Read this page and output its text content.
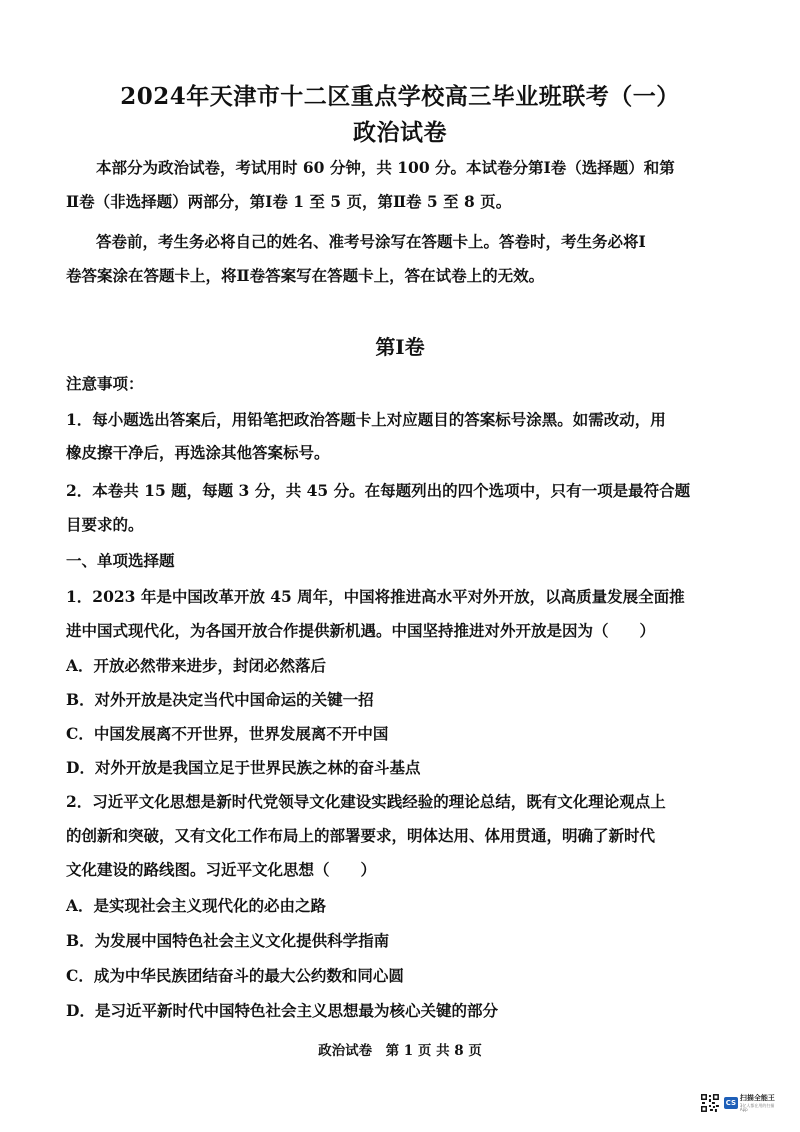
2024年天津市十二区重点学校高三毕业班联考（一）
政治试卷
本部分为政治试卷，考试用时 60 分钟，共 100 分。本试卷分第Ⅰ卷（选择题）和第
Ⅱ卷（非选择题）两部分，第Ⅰ卷 1 至 5 页，第Ⅱ卷 5 至 8 页。
答卷前，考生务必将自己的姓名、准考号涂写在答题卡上。答卷时，考生务必将Ⅰ
卷答案涂在答题卡上，将Ⅱ卷答案写在答题卡上，答在试卷上的无效。
第Ⅰ卷
注意事项：
1．每小题选出答案后，用铅笔把政治答题卡上对应题目的答案标号涂黑。如需改动，用
橡皮擦干净后，再选涂其他答案标号。
2．本卷共 15 题，每题 3 分，共 45 分。在每题列出的四个选项中，只有一项是最符合题
目要求的。
一、单项选择题
1．2023 年是中国改革开放 45 周年，中国将推进高水平对外开放，以高质量发展全面推
进中国式现代化，为各国开放合作提供新机遇。中国坚持推进对外开放是因为（　　）
A．开放必然带来进步，封闭必然落后
B．对外开放是决定当代中国命运的关键一招
C．中国发展离不开世界，世界发展离不开中国
D．对外开放是我国立足于世界民族之林的奋斗基点
2．习近平文化思想是新时代党领导文化建设实践经验的理论总结，既有文化理论观点上
的创新和突破，又有文化工作布局上的部署要求，明体达用、体用贯通，明确了新时代
文化建设的路线图。习近平文化思想（　　）
A．是实现社会主义现代化的必由之路
B．为发展中国特色社会主义文化提供科学指南
C．成为中华民族团结奋斗的最大公约数和同心圆
D．是习近平新时代中国特色社会主义思想最为核心关键的部分
政治试卷　第 1 页 共 8 页
CS
扫描全能王
3亿人都在用的扫描App
